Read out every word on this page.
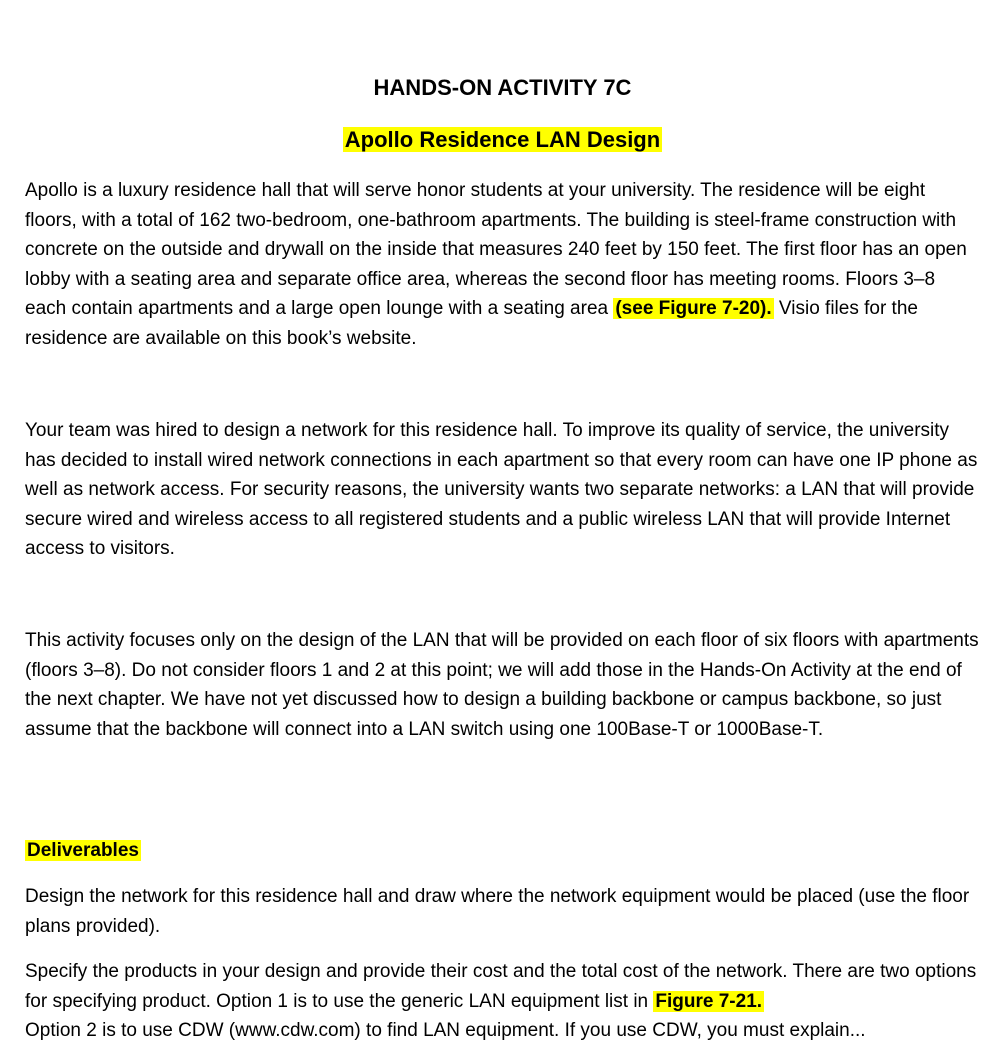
HANDS-ON ACTIVITY 7C
Apollo Residence LAN Design

Apollo is a luxury residence hall that will serve honor students at your university. The residence will be eight floors, with a total of 162 two-bedroom, one-bathroom apartments. The building is steel-frame construction with concrete on the outside and drywall on the inside that measures 240 feet by 150 feet. The first floor has an open lobby with a seating area and separate office area, whereas the second floor has meeting rooms. Floors 3–8 each contain apartments and a large open lounge with a seating area (see Figure 7-20). Visio files for the residence are available on this book’s website.

Your team was hired to design a network for this residence hall. To improve its quality of service, the university has decided to install wired network connections in each apartment so that every room can have one IP phone as well as network access. For security reasons, the university wants two separate networks: a LAN that will provide secure wired and wireless access to all registered students and a public wireless LAN that will provide Internet access to visitors.

This activity focuses only on the design of the LAN that will be provided on each floor of six floors with apartments (floors 3–8). Do not consider floors 1 and 2 at this point; we will add those in the Hands-On Activity at the end of the next chapter. We have not yet discussed how to design a building backbone or campus backbone, so just assume that the backbone will connect into a LAN switch using one 100Base-T or 1000Base-T.

Deliverables

Design the network for this residence hall and draw where the network equipment would be placed (use the floor plans provided).

Specify the products in your design and provide their cost and the total cost of the network. There are two options for specifying product. Option 1 is to use the generic LAN equipment list in Figure 7-21.

Option 2 is to use CDW (www.cdw.com) to find LAN equipment. If you use CDW, you must explain...
